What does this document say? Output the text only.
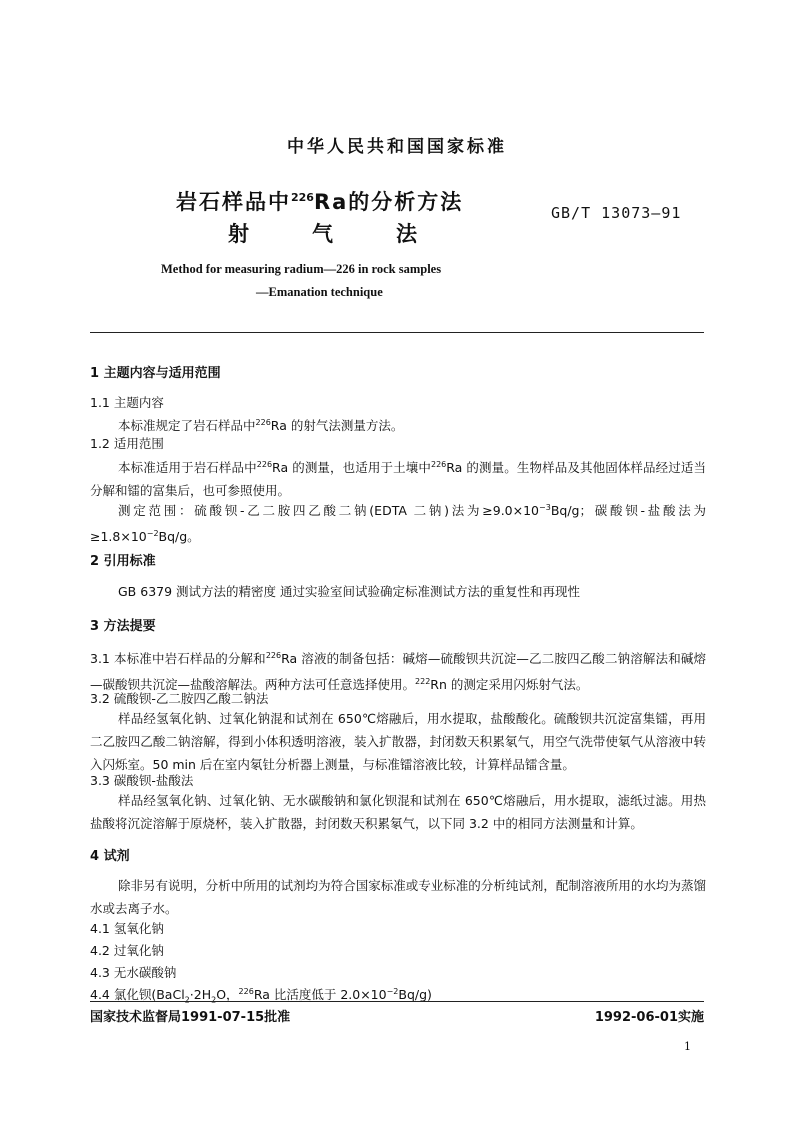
中华人民共和国国家标准
岩石样品中$^{226}$Ra的分析方法
射	气	法
GB/T 13073—91
Method for measuring radium—226 in rock samples
—Emanation technique
1 主题内容与适用范围
1.1 主题内容
本标准规定了岩石样品中$^{226}$Ra 的射气法测量方法。
1.2 适用范围
本标准适用于岩石样品中$^{226}$Ra 的测量，也适用于土壤中$^{226}$Ra 的测量。生物样品及其他固体样品经过适当分解和镭的富集后，也可参照使用。
测定范围：硫酸钡-乙二胺四乙酸二钠(EDTA 二钠)法为$\ge 9.0\times 10^{-3}Bq/g$；碳酸钡-盐酸法为$\ge 1.8\times 10^{-2}Bq/g$。
2 引用标准
GB 6379 测试方法的精密度 通过实验室间试验确定标准测试方法的重复性和再现性
3 方法提要
3.1 本标准中岩石样品的分解和$^{226}$Ra 溶液的制备包括：碱熔—硫酸钡共沉淀—乙二胺四乙酸二钠溶解法和碱熔—碳酸钡共沉淀—盐酸溶解法。两种方法可任意选择使用。$^{222}$Rn 的测定采用闪烁射气法。
3.2 硫酸钡-乙二胺四乙酸二钠法
样品经氢氧化钠、过氧化钠混和试剂在 650℃熔融后，用水提取，盐酸酸化。硫酸钡共沉淀富集镭，再用二乙胺四乙酸二钠溶解，得到小体积透明溶液，装入扩散器，封闭数天积累氡气，用空气洗带使氡气从溶液中转入闪烁室。50 min 后在室内氡钍分析器上测量，与标准镭溶液比较，计算样品镭含量。
3.3 碳酸钡-盐酸法
样品经氢氧化钠、过氧化钠、无水碳酸钠和氯化钡混和试剂在 650℃熔融后，用水提取，滤纸过滤。用热盐酸将沉淀溶解于原烧杯，装入扩散器，封闭数天积累氡气，以下同 3.2 中的相同方法测量和计算。
4 试剂
除非另有说明，分析中所用的试剂均为符合国家标准或专业标准的分析纯试剂，配制溶液所用的水均为蒸馏水或去离子水。
4.1 氢氧化钠
4.2 过氧化钠
4.3 无水碳酸钠
4.4 氯化钡($BaCl_2\cdot 2H_2O$，$^{226}$Ra 比活度低于 $2.0\times 10^{-2}Bq/g$)
国家技术监督局1991-07-15批准	1992-06-01实施
1
